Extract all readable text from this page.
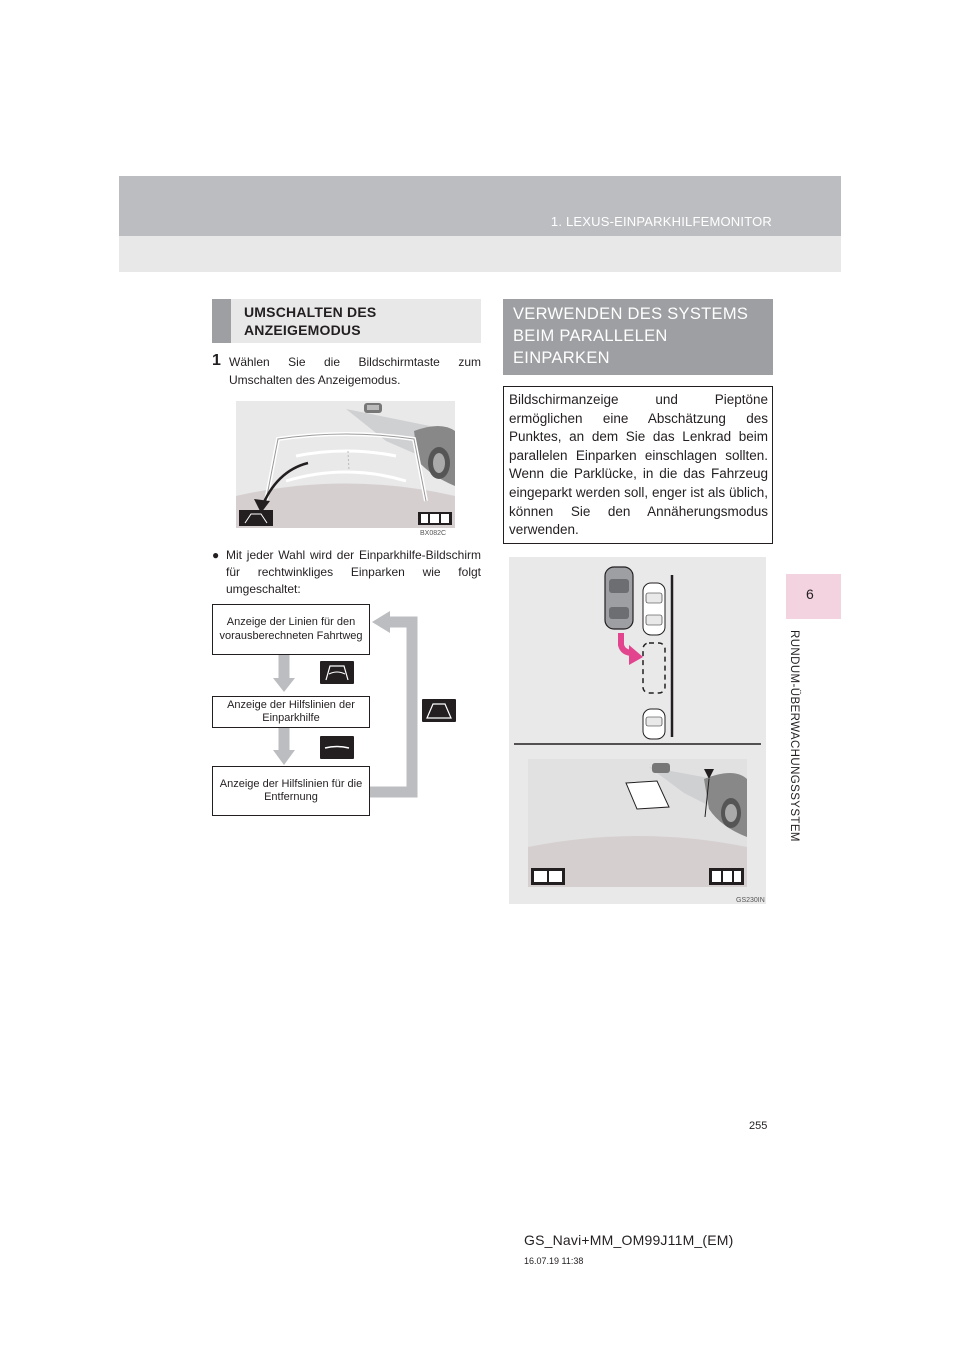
1. LEXUS-EINPARKHILFEMONITOR
6
RUNDUM-ÜBERWACHUNGSSYSTEM
UMSCHALTEN DES ANZEIGEMODUS
VERWENDEN DES SYSTEMS BEIM PARALLELEN EINPARKEN
1 Wählen Sie die Bildschirmtaste zum Umschalten des Anzeigemodus.
BX082C
● Mit jeder Wahl wird der Einparkhilfe-Bildschirm für rechtwinkliges Einparken wie folgt umgeschaltet:
Anzeige der Linien für den vorausberechneten Fahrtweg
Anzeige der Hilfslinien der Einparkhilfe
Anzeige der Hilfslinien für die Entfernung
Bildschirmanzeige und Pieptöne ermöglichen eine Abschätzung des Punktes, an dem Sie das Lenkrad beim parallelen Einparken einschlagen sollten. Wenn die Parklücke, in die das Fahrzeug eingeparkt werden soll, enger ist als üblich, können Sie den Annäherungsmodus verwenden.
GS230IN
255
GS_Navi+MM_OM99J11M_(EM)
16.07.19 11:38
